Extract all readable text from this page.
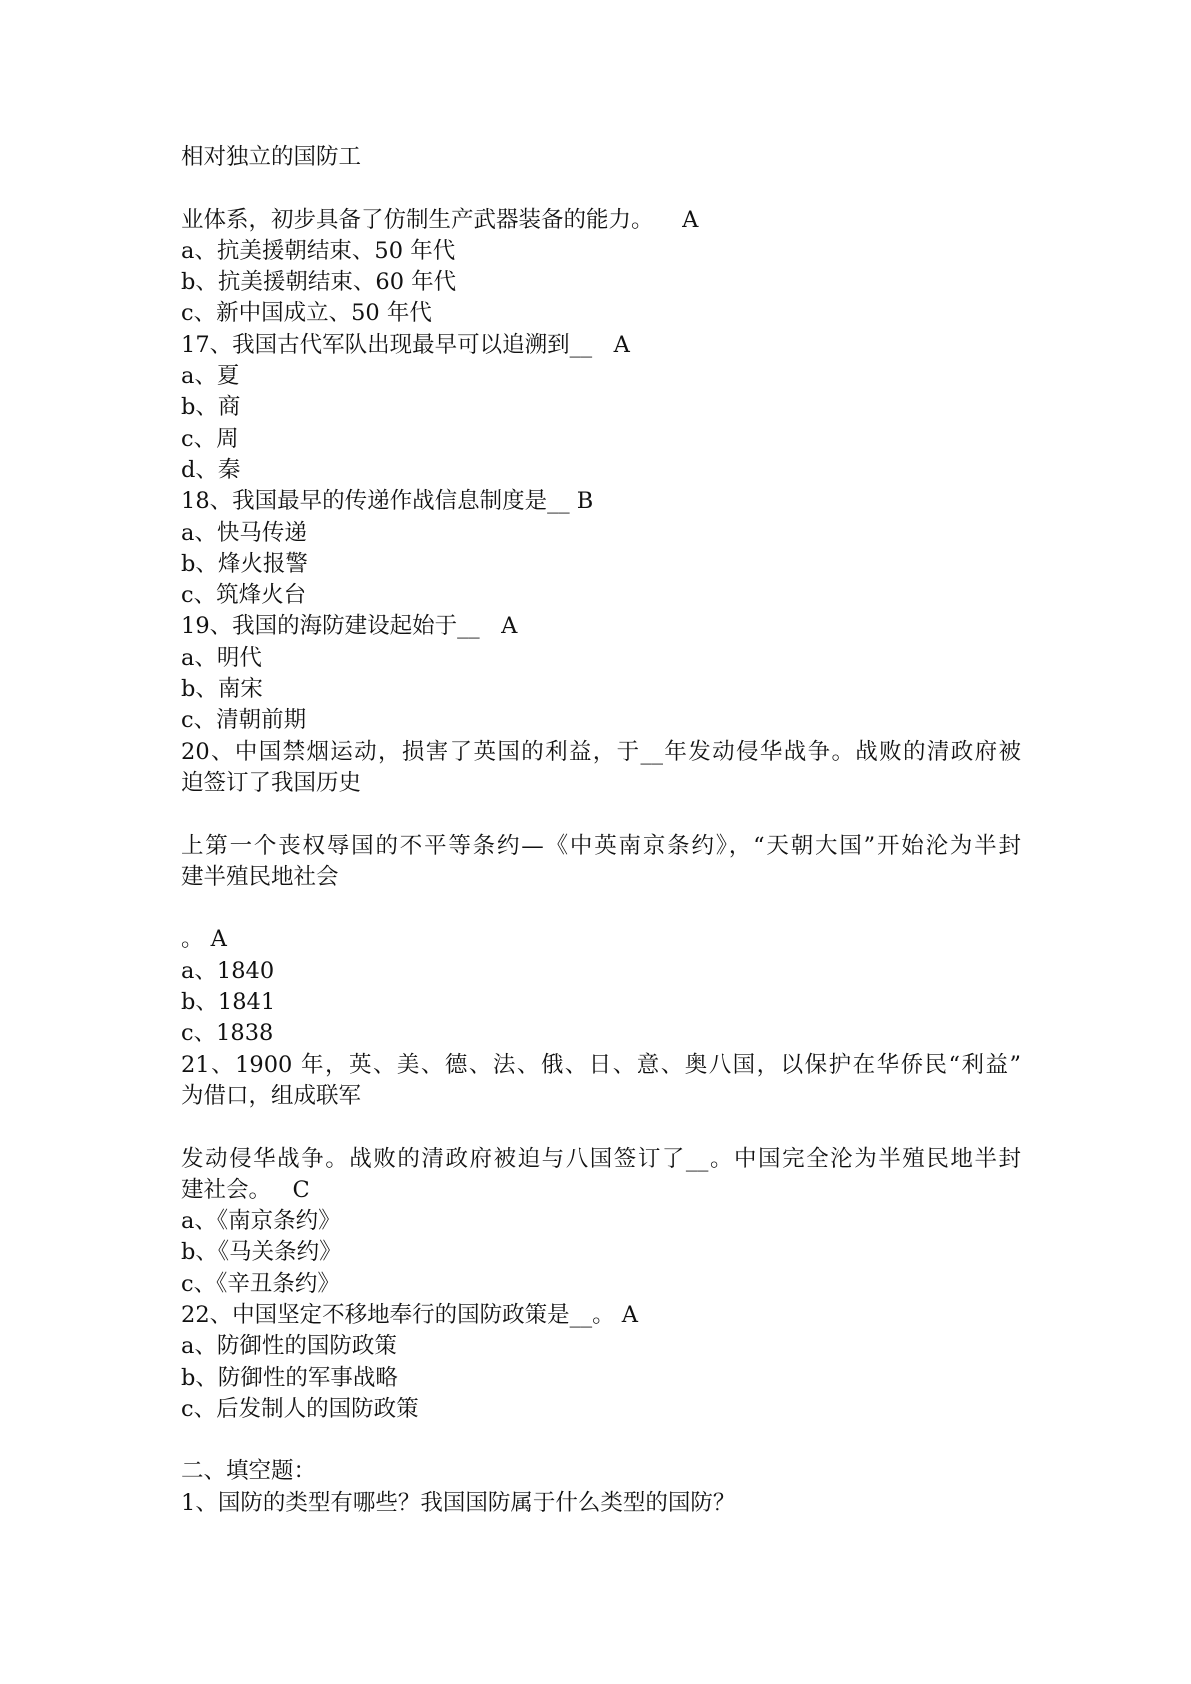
相对独立的国防工
业体系，初步具备了仿制生产武器装备的能力。    A
a、抗美援朝结束、50 年代
b、抗美援朝结束、60 年代
c、新中国成立、50 年代
17、我国古代军队出现最早可以追溯到__   A
a、夏
b、商
c、周
d、秦
18、我国最早的传递作战信息制度是__ B
a、快马传递
b、烽火报警
c、筑烽火台
19、我国的海防建设起始于__   A
a、明代
b、南宋
c、清朝前期
20、中国禁烟运动，损害了英国的利益，于__年发动侵华战争。战败的清政府被
迫签订了我国历史
上第一个丧权辱国的不平等条约—《中英南京条约》，“天朝大国”开始沦为半封
建半殖民地社会
。 A
a、1840
b、1841
c、1838
21、1900 年，英、美、德、法、俄、日、意、奥八国，以保护在华侨民“利益”
为借口，组成联军
发动侵华战争。战败的清政府被迫与八国签订了__。中国完全沦为半殖民地半封
建社会。   C
a、《南京条约》
b、《马关条约》
c、《辛丑条约》
22、中国坚定不移地奉行的国防政策是__。 A
a、防御性的国防政策
b、防御性的军事战略
c、后发制人的国防政策
二、填空题：
1、国防的类型有哪些？我国国防属于什么类型的国防？
